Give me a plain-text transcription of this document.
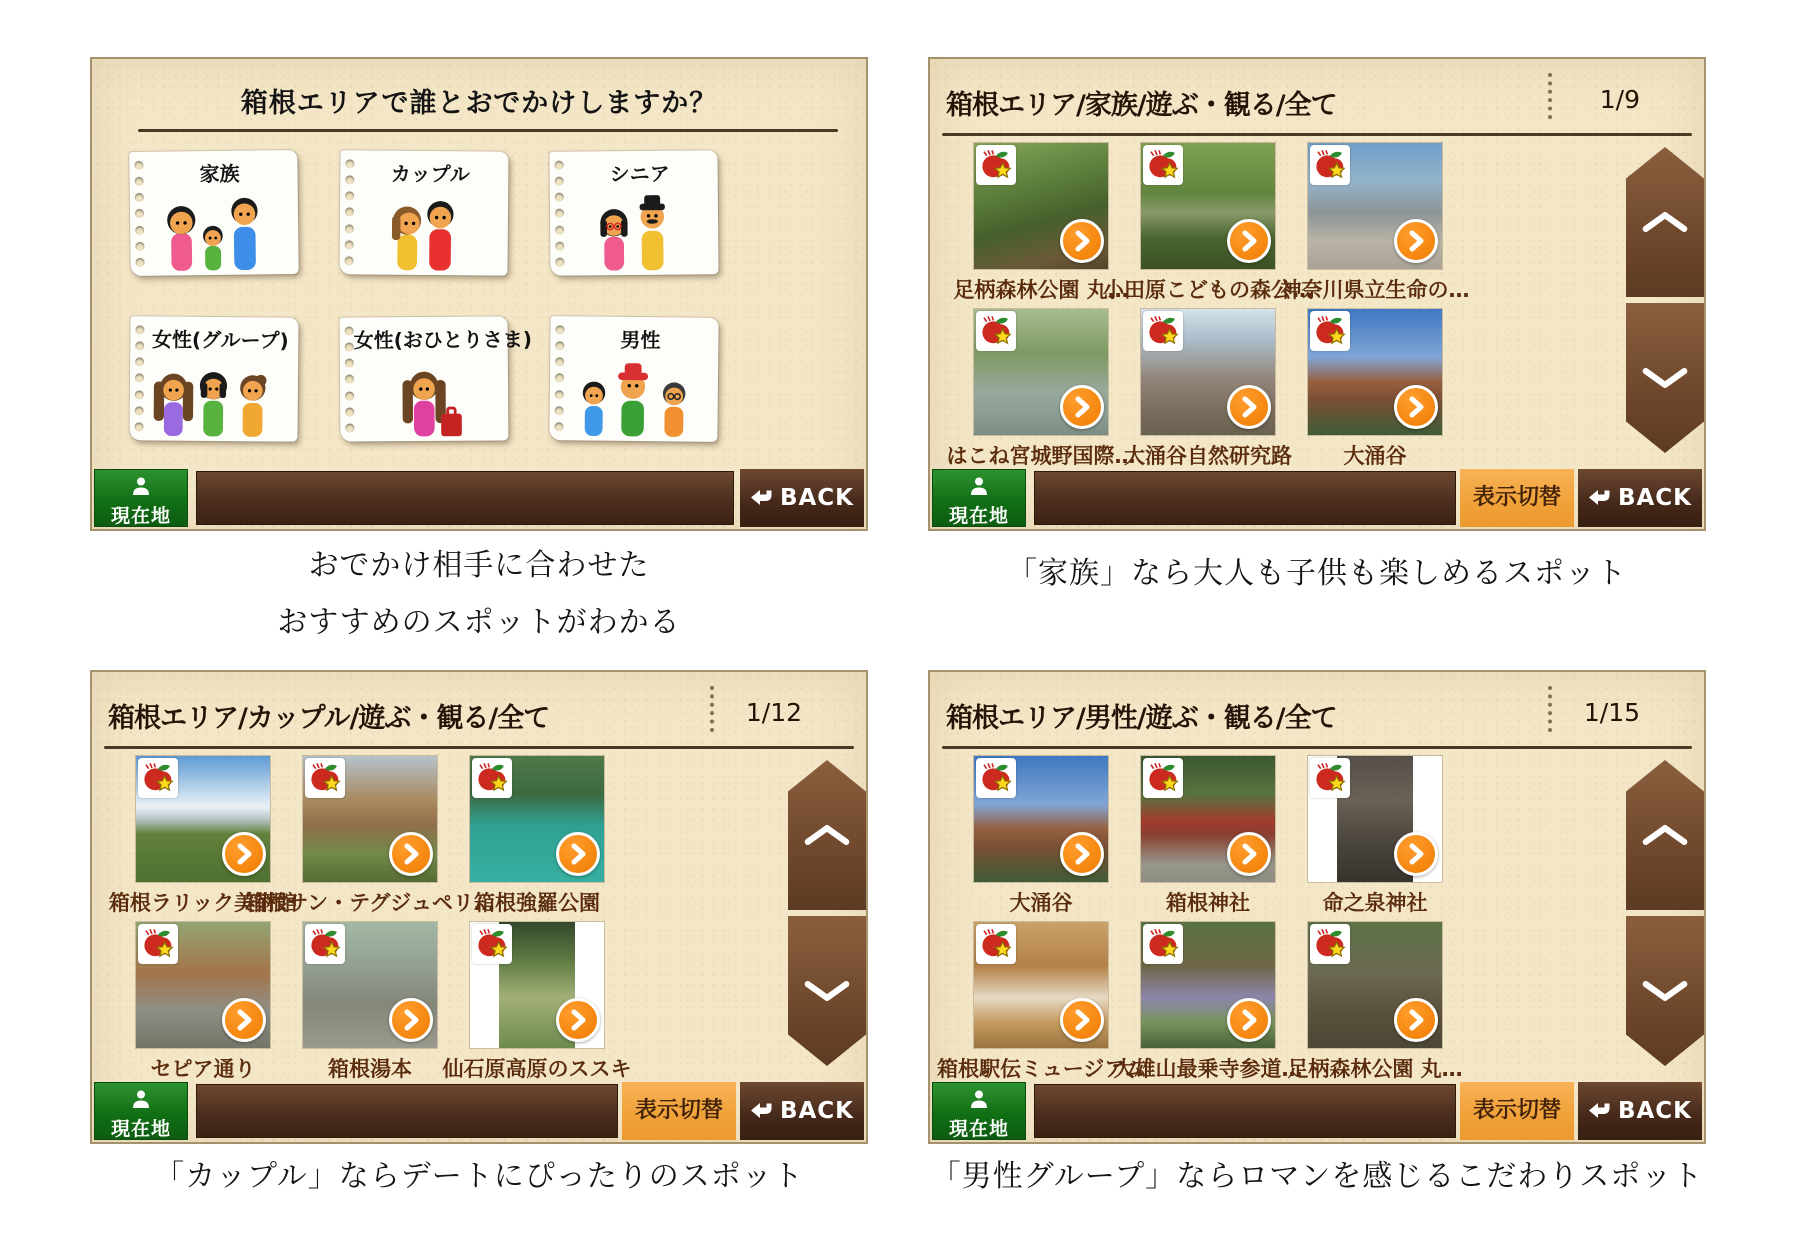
箱根エリアで誰とおでかけしますか？
家族	カップル	シニア
女性(グループ)	女性(おひとりさま)	男性
現在地
BACK
箱根エリア/家族/遊ぶ・観る/全て	1/9
足柄森林公園 丸…
小田原こどもの森公…
神奈川県立生命の…
はこね宮城野国際…
大涌谷自然研究路 大涌谷
現在地
表示切替	BACK
箱根エリア/カップル/遊ぶ・観る/全て	1/12
箱根ラリック美術館
箱根サン・テグジュペリ…
箱根強羅公園
セピア通り	箱根湯本 仙石原高原のススキ
現在地
表示切替	BACK
箱根エリア/男性/遊ぶ・観る/全て	1/15
大涌谷	箱根神社	命之泉神社
箱根駅伝ミュージアム
大雄山最乗寺参道…
足柄森林公園 丸…
現在地
表示切替	BACK
おでかけ相手に合わせた
おすすめのスポットがわかる
「家族」なら大人も子供も楽しめるスポット
「カップル」ならデートにぴったりのスポット	「男性グループ」ならロマンを感じるこだわりスポット
